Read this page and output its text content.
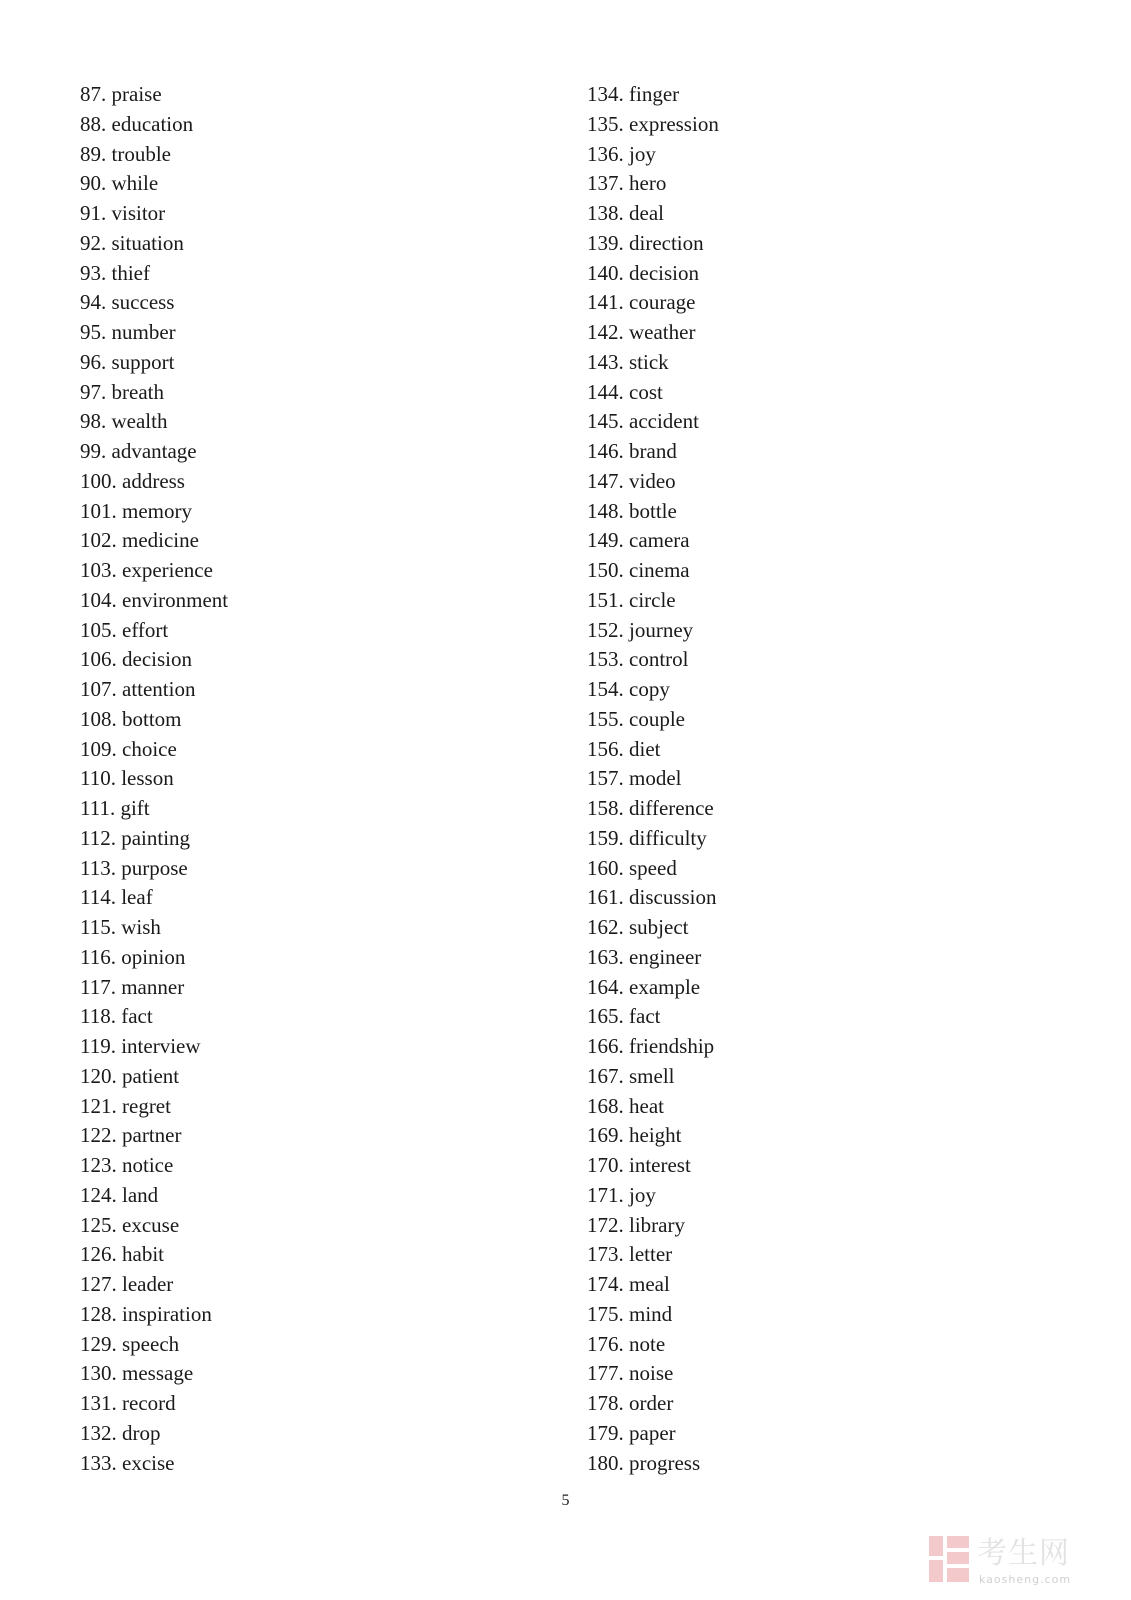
87. praise
88. education
89. trouble
90. while
91. visitor
92. situation
93. thief
94. success
95. number
96. support
97. breath
98. wealth
99. advantage
100. address
101. memory
102. medicine
103. experience
104. environment
105. effort
106. decision
107. attention
108. bottom
109. choice
110. lesson
111. gift
112. painting
113. purpose
114. leaf
115. wish
116. opinion
117. manner
118. fact
119. interview
120. patient
121. regret
122. partner
123. notice
124. land
125. excuse
126. habit
127. leader
128. inspiration
129. speech
130. message
131. record
132. drop
133. excise
134. finger
135. expression
136. joy
137. hero
138. deal
139. direction
140. decision
141. courage
142. weather
143. stick
144. cost
145. accident
146. brand
147. video
148. bottle
149. camera
150. cinema
151. circle
152. journey
153. control
154. copy
155. couple
156. diet
157. model
158. difference
159. difficulty
160. speed
161. discussion
162. subject
163. engineer
164. example
165. fact
166. friendship
167. smell
168. heat
169. height
170. interest
171. joy
172. library
173. letter
174. meal
175. mind
176. note
177. noise
178. order
179. paper
180. progress
5
考生网
kaosheng.com
